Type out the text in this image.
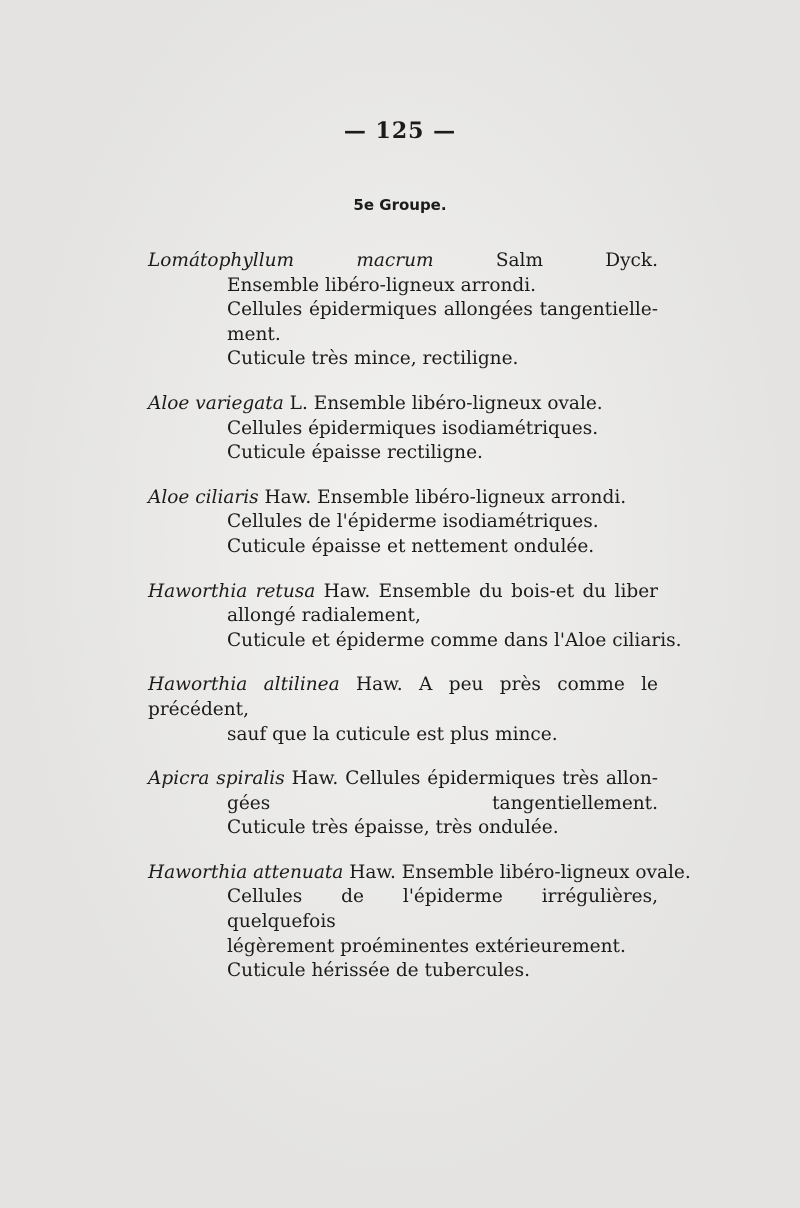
— 125 —
5e Groupe.
Lomátophyllum macrum Salm Dyck.
Ensemble libéro-ligneux arrondi.
Cellules épidermiques allongées tangentielle-
ment.
Cuticule très mince, rectiligne.
Aloe variegata L. Ensemble libéro-ligneux ovale.
Cellules épidermiques isodiamétriques.
Cuticule épaisse rectiligne.
Aloe ciliaris Haw. Ensemble libéro-ligneux arrondi.
Cellules de l'épiderme isodiamétriques.
Cuticule épaisse et nettement ondulée.
Haworthia retusa Haw. Ensemble du bois-et du liber
allongé radialement,
Cuticule et épiderme comme dans l'Aloe ciliaris.
Haworthia altilinea Haw. A peu près comme le précédent,
sauf que la cuticule est plus mince.
Apicra spiralis Haw. Cellules épidermiques très allon-
gées tangentiellement.
Cuticule très épaisse, très ondulée.
Haworthia attenuata Haw. Ensemble libéro-ligneux ovale.
Cellules de l'épiderme irrégulières, quelquefois
légèrement proéminentes extérieurement.
Cuticule hérissée de tubercules.
